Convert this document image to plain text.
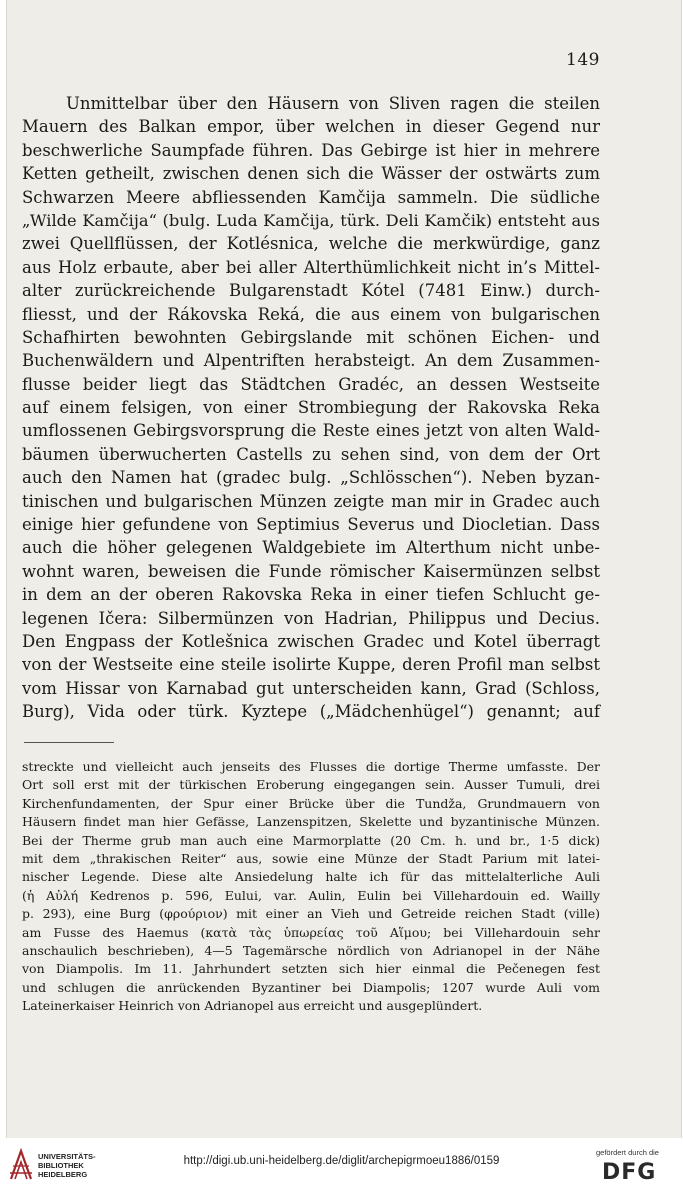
149
Unmittelbar über den Häusern von Sliven ragen die steilen
Mauern des Balkan empor, über welchen in dieser Gegend nur
beschwerliche Saumpfade führen. Das Gebirge ist hier in mehrere
Ketten getheilt, zwischen denen sich die Wässer der ostwärts zum
Schwarzen Meere abfliessenden Kamčija sammeln. Die südliche
„Wilde Kamčija“ (bulg. Luda Kamčija, türk. Deli Kamčik) entsteht aus
zwei Quellflüssen, der Kotlésnica, welche die merkwürdige, ganz
aus Holz erbaute, aber bei aller Alterthümlichkeit nicht in’s Mittel-
alter zurückreichende Bulgarenstadt Kótel (7481 Einw.) durch-
fliesst, und der Rákovska Reká, die aus einem von bulgarischen
Schafhirten bewohnten Gebirgslande mit schönen Eichen- und
Buchenwäldern und Alpentriften herabsteigt. An dem Zusammen-
flusse beider liegt das Städtchen Gradéc, an dessen Westseite
auf einem felsigen, von einer Strombiegung der Rakovska Reka
umflossenen Gebirgsvorsprung die Reste eines jetzt von alten Wald-
bäumen überwucherten Castells zu sehen sind, von dem der Ort
auch den Namen hat (gradec bulg. „Schlösschen“). Neben byzan-
tinischen und bulgarischen Münzen zeigte man mir in Gradec auch
einige hier gefundene von Septimius Severus und Diocletian. Dass
auch die höher gelegenen Waldgebiete im Alterthum nicht unbe-
wohnt waren, beweisen die Funde römischer Kaisermünzen selbst
in dem an der oberen Rakovska Reka in einer tiefen Schlucht ge-
legenen Ičera: Silbermünzen von Hadrian, Philippus und Decius.
Den Engpass der Kotlešnica zwischen Gradec und Kotel überragt
von der Westseite eine steile isolirte Kuppe, deren Profil man selbst
vom Hissar von Karnabad gut unterscheiden kann, Grad (Schloss,
Burg), Vida oder türk. Kyztepe („Mädchenhügel“) genannt; auf
streckte und vielleicht auch jenseits des Flusses die dortige Therme umfasste. Der
Ort soll erst mit der türkischen Eroberung eingegangen sein. Ausser Tumuli, drei
Kirchenfundamenten, der Spur einer Brücke über die Tundža, Grundmauern von
Häusern findet man hier Gefässe, Lanzenspitzen, Skelette und byzantinische Münzen.
Bei der Therme grub man auch eine Marmorplatte (20 Cm. h. und br., 1·5 dick)
mit dem „thrakischen Reiter“ aus, sowie eine Münze der Stadt Parium mit latei-
nischer Legende. Diese alte Ansiedelung halte ich für das mittelalterliche Auli
(ἡ Αὐλή Kedrenos p. 596, Eului, var. Aulin, Eulin bei Villehardouin ed. Wailly
p. 293), eine Burg (φρούριον) mit einer an Vieh und Getreide reichen Stadt (ville)
am Fusse des Haemus (κατὰ τὰς ὑπωρείας τοῦ Αἵμου; bei Villehardouin sehr
anschaulich beschrieben), 4—5 Tagemärsche nördlich von Adrianopel in der Nähe
von Diampolis. Im 11. Jahrhundert setzten sich hier einmal die Pečenegen fest
und schlugen die anrückenden Byzantiner bei Diampolis; 1207 wurde Auli vom
Lateinerkaiser Heinrich von Adrianopel aus erreicht und ausgeplündert.
UNIVERSITÄTS-
BIBLIOTHEK
HEIDELBERG
http://digi.ub.uni-heidelberg.de/diglit/archepigrmoeu1886/0159
gefördert durch die
DFG
